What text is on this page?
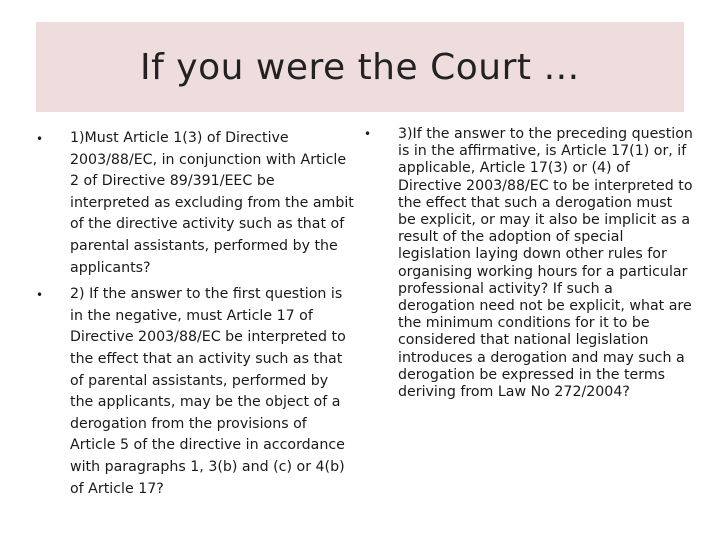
If you were the Court …
• 1)Must Article 1(3) of Directive 2003/88/EC, in conjunction with Article 2 of Directive 89/391/EEC be interpreted as excluding from the ambit of the directive activity such as that of parental assistants, performed by the applicants?
• 2) If the answer to the first question is in the negative, must Article 17 of Directive 2003/88/EC be interpreted to the effect that an activity such as that of parental assistants, performed by the applicants, may be the object of a derogation from the provisions of Article 5 of the directive in accordance with paragraphs 1, 3(b) and (c) or 4(b) of Article 17?
• 3)If the answer to the preceding question is in the affirmative, is Article 17(1) or, if applicable, Article 17(3) or (4) of Directive 2003/88/EC to be interpreted to the effect that such a derogation must be explicit, or may it also be implicit as a result of the adoption of special legislation laying down other rules for organising working hours for a particular professional activity? If such a derogation need not be explicit, what are the minimum conditions for it to be considered that national legislation introduces a derogation and may such a derogation be expressed in the terms deriving from Law No 272/2004?
